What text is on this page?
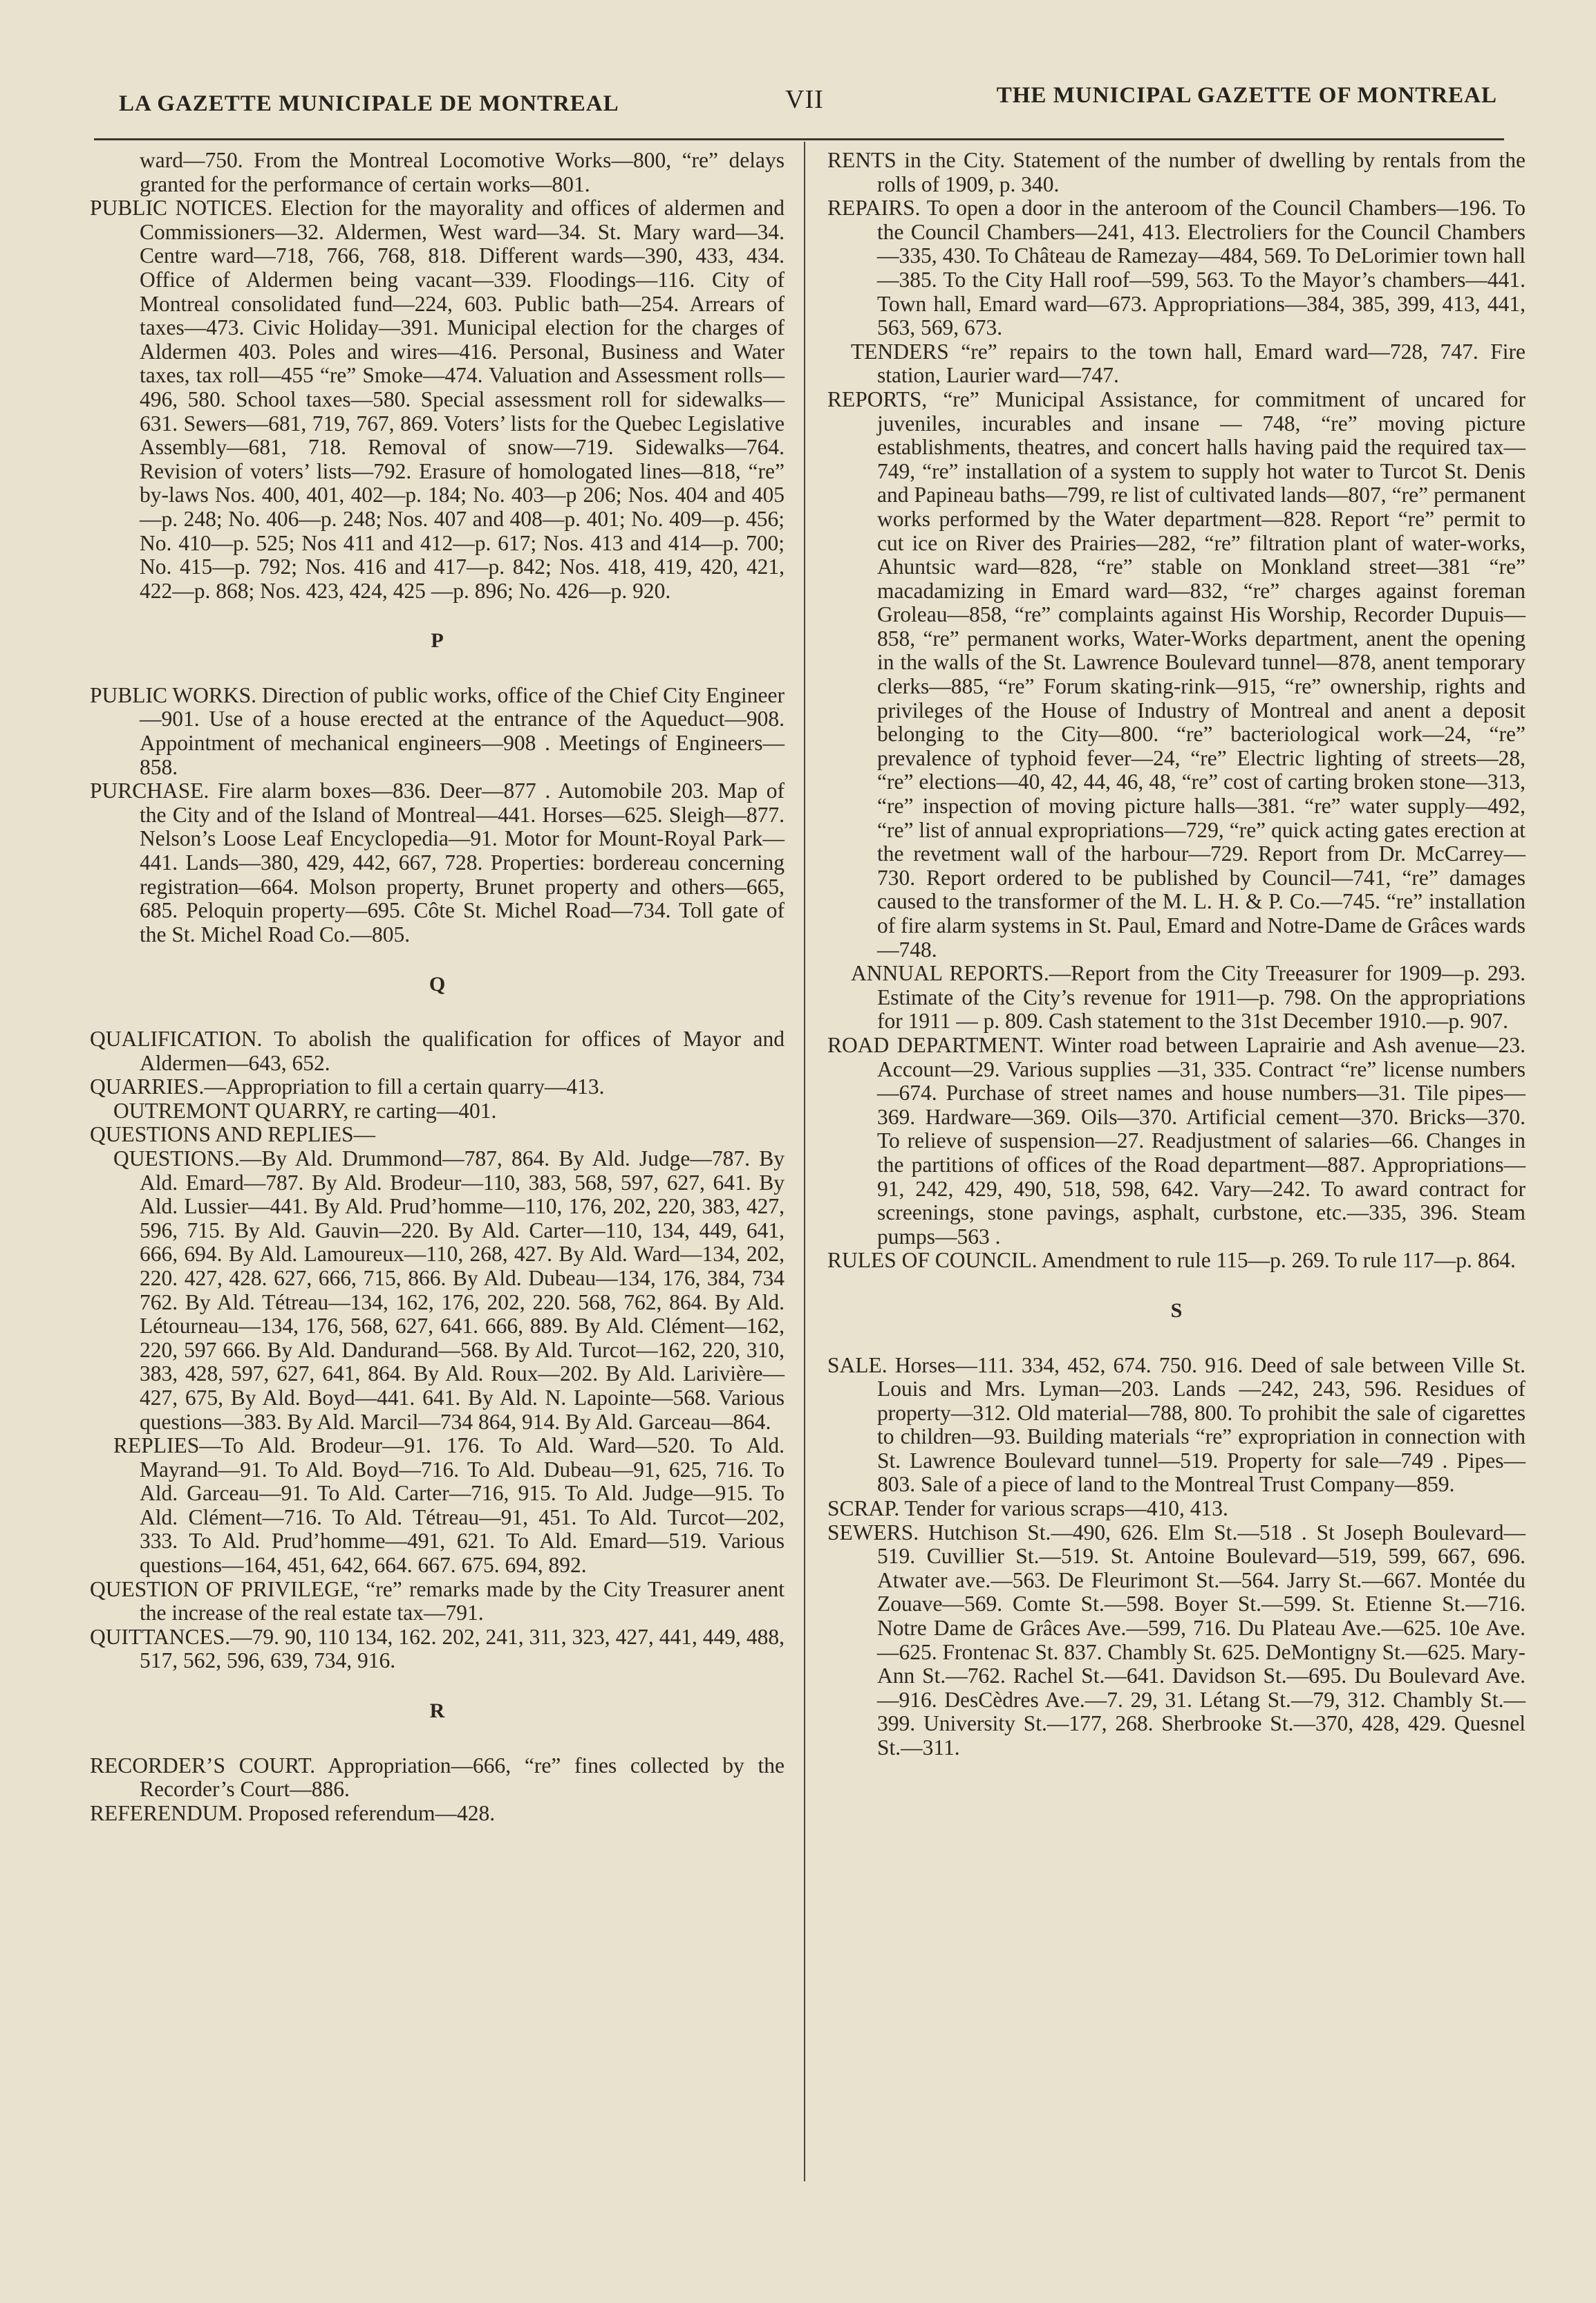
LA GAZETTE MUNICIPALE DE MONTREAL	VII	THE MUNICIPAL GAZETTE OF MONTREAL
ward—750. From the Montreal Locomotive Works—800, “re” delays granted for the performance of certain works—801.
PUBLIC NOTICES. Election for the mayorality and offices of aldermen and Commissioners—32. Aldermen, West ward—34. St. Mary ward—34. Centre ward—718, 766, 768, 818. Different wards—390, 433, 434. Office of Aldermen being vacant—339. Floodings—116. City of Montreal consolidated fund—224, 603. Public bath—254. Arrears of taxes—473. Civic Holiday—391. Municipal election for the charges of Aldermen 403. Poles and wires—416. Personal, Business and Water taxes, tax roll—455 “re” Smoke—474. Valuation and Assessment rolls—496, 580. School taxes—580. Special assessment roll for sidewalks—631. Sewers—681, 719, 767, 869. Voters’ lists for the Quebec Legislative Assembly—681, 718. Removal of snow—719. Sidewalks—764. Revision of voters’ lists—792. Erasure of homologated lines—818, “re” by-laws Nos. 400, 401, 402—p. 184; No. 403—p 206; Nos. 404 and 405—p. 248; No. 406—p. 248; Nos. 407 and 408—p. 401; No. 409—p. 456; No. 410—p. 525; Nos 411 and 412—p. 617; Nos. 413 and 414—p. 700; No. 415—p. 792; Nos. 416 and 417—p. 842; Nos. 418, 419, 420, 421, 422—p. 868; Nos. 423, 424, 425 —p. 896; No. 426—p. 920.
P
PUBLIC WORKS. Direction of public works, office of the Chief City Engineer—901. Use of a house erected at the entrance of the Aqueduct—908. Appointment of mechanical engineers—908 . Meetings of Engineers—858.
PURCHASE. Fire alarm boxes—836. Deer—877 . Automobile 203. Map of the City and of the Island of Montreal—441. Horses—625. Sleigh—877. Nelson’s Loose Leaf Encyclopedia—91. Motor for Mount-Royal Park—441. Lands—380, 429, 442, 667, 728. Properties: bordereau concerning registration—664. Molson property, Brunet property and others—665, 685. Peloquin property—695. Côte St. Michel Road—734. Toll gate of the St. Michel Road Co.—805.
Q
QUALIFICATION. To abolish the qualification for offices of Mayor and Aldermen—643, 652.
QUARRIES.—Appropriation to fill a certain quarry—413.
OUTREMONT QUARRY, re carting—401.
QUESTIONS AND REPLIES—
QUESTIONS.—By Ald. Drummond—787, 864. By Ald. Judge—787. By Ald. Emard—787. By Ald. Brodeur—110, 383, 568, 597, 627, 641. By Ald. Lussier—441. By Ald. Prud’homme—110, 176, 202, 220, 383, 427, 596, 715. By Ald. Gauvin—220. By Ald. Carter—110, 134, 449, 641, 666, 694. By Ald. Lamoureux—110, 268, 427. By Ald. Ward—134, 202, 220. 427, 428. 627, 666, 715, 866. By Ald. Dubeau—134, 176, 384, 734 762. By Ald. Tétreau—134, 162, 176, 202, 220. 568, 762, 864. By Ald. Létourneau—134, 176, 568, 627, 641. 666, 889. By Ald. Clément—162, 220, 597 666. By Ald. Dandurand—568. By Ald. Turcot—162, 220, 310, 383, 428, 597, 627, 641, 864. By Ald. Roux—202. By Ald. Larivière—427, 675, By Ald. Boyd—441. 641. By Ald. N. Lapointe—568. Various questions—383. By Ald. Marcil—734 864, 914. By Ald. Garceau—864.
REPLIES—To Ald. Brodeur—91. 176. To Ald. Ward—520. To Ald. Mayrand—91. To Ald. Boyd—716. To Ald. Dubeau—91, 625, 716. To Ald. Garceau—91. To Ald. Carter—716, 915. To Ald. Judge—915. To Ald. Clément—716. To Ald. Tétreau—91, 451. To Ald. Turcot—202, 333. To Ald. Prud’homme—491, 621. To Ald. Emard—519. Various questions—164, 451, 642, 664. 667. 675. 694, 892.
QUESTION OF PRIVILEGE, “re” remarks made by the City Treasurer anent the increase of the real estate tax—791.
QUITTANCES.—79. 90, 110 134, 162. 202, 241, 311, 323, 427, 441, 449, 488, 517, 562, 596, 639, 734, 916.
R
RECORDER’S COURT. Appropriation—666, “re” fines collected by the Recorder’s Court—886.
REFERENDUM. Proposed referendum—428.
RENTS in the City. Statement of the number of dwelling by rentals from the rolls of 1909, p. 340.
REPAIRS. To open a door in the anteroom of the Council Chambers—196. To the Council Chambers—241, 413. Electroliers for the Council Chambers—335, 430. To Château de Ramezay—484, 569. To DeLorimier town hall—385. To the City Hall roof—599, 563. To the Mayor’s chambers—441. Town hall, Emard ward—673. Appropriations—384, 385, 399, 413, 441, 563, 569, 673.
TENDERS “re” repairs to the town hall, Emard ward—728, 747. Fire station, Laurier ward—747.
REPORTS, “re” Municipal Assistance, for commitment of uncared for juveniles, incurables and insane — 748, “re” moving picture establishments, theatres, and concert halls having paid the required tax—749, “re” installation of a system to supply hot water to Turcot St. Denis and Papineau baths—799, re list of cultivated lands—807, “re” permanent works performed by the Water department—828. Report “re” permit to cut ice on River des Prairies—282, “re” filtration plant of water-works, Ahuntsic ward—828, “re” stable on Monkland street—381 “re” macadamizing in Emard ward—832, “re” charges against foreman Groleau—858, “re” complaints against His Worship, Recorder Dupuis—858, “re” permanent works, Water-Works department, anent the opening in the walls of the St. Lawrence Boulevard tunnel—878, anent temporary clerks—885, “re” Forum skating-rink—915, “re” ownership, rights and privileges of the House of Industry of Montreal and anent a deposit belonging to the City—800. “re” bacteriological work—24, “re” prevalence of typhoid fever—24, “re” Electric lighting of streets—28, “re” elections—40, 42, 44, 46, 48, “re” cost of carting broken stone—313, “re” inspection of moving picture halls—381. “re” water supply—492, “re” list of annual expropriations—729, “re” quick acting gates erection at the revetment wall of the harbour—729. Report from Dr. McCarrey—730. Report ordered to be published by Council—741, “re” damages caused to the transformer of the M. L. H. & P. Co.—745. “re” installation of fire alarm systems in St. Paul, Emard and Notre-Dame de Grâces wards—748.
ANNUAL REPORTS.—Report from the City Treeasurer for 1909—p. 293. Estimate of the City’s revenue for 1911—p. 798. On the appropriations for 1911 — p. 809. Cash statement to the 31st December 1910.—p. 907.
ROAD DEPARTMENT. Winter road between Laprairie and Ash avenue—23. Account—29. Various supplies —31, 335. Contract “re” license numbers—674. Purchase of street names and house numbers—31. Tile pipes—369. Hardware—369. Oils—370. Artificial cement—370. Bricks—370. To relieve of suspension—27. Readjustment of salaries—66. Changes in the partitions of offices of the Road department—887. Appropriations—91, 242, 429, 490, 518, 598, 642. Vary—242. To award contract for screenings, stone pavings, asphalt, curbstone, etc.—335, 396. Steam pumps—563 .
RULES OF COUNCIL. Amendment to rule 115—p. 269. To rule 117—p. 864.
S
SALE. Horses—111. 334, 452, 674. 750. 916. Deed of sale between Ville St. Louis and Mrs. Lyman—203. Lands —242, 243, 596. Residues of property—312. Old material—788, 800. To prohibit the sale of cigarettes to children—93. Building materials “re” expropriation in connection with St. Lawrence Boulevard tunnel—519. Property for sale—749 . Pipes—803. Sale of a piece of land to the Montreal Trust Company—859.
SCRAP. Tender for various scraps—410, 413.
SEWERS. Hutchison St.—490, 626. Elm St.—518 . St Joseph Boulevard—519. Cuvillier St.—519. St. Antoine Boulevard—519, 599, 667, 696. Atwater ave.—563. De Fleurimont St.—564. Jarry St.—667. Montée du Zouave—569. Comte St.—598. Boyer St.—599. St. Etienne St.—716. Notre Dame de Grâces Ave.—599, 716. Du Plateau Ave.—625. 10e Ave.—625. Frontenac St. 837. Chambly St. 625. DeMontigny St.—625. Mary-Ann St.—762. Rachel St.—641. Davidson St.—695. Du Boulevard Ave.—916. DesCèdres Ave.—7. 29, 31. Létang St.—79, 312. Chambly St.—399. University St.—177, 268. Sherbrooke St.—370, 428, 429. Quesnel St.—311.
